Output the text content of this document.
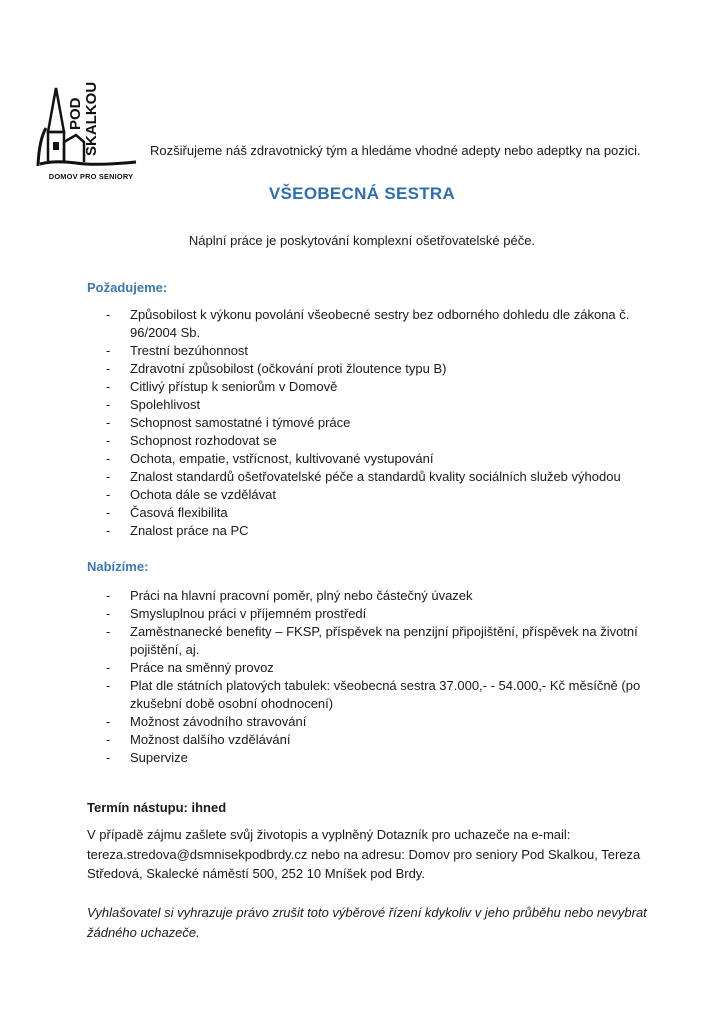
POD SKALKOU
DOMOV PRO SENIORY
Rozšiřujeme náš zdravotnický tým a hledáme vhodné adepty nebo adeptky na pozici.
VŠEOBECNÁ SESTRA
Náplní práce je poskytování komplexní ošetřovatelské péče.
Požadujeme:
- Způsobilost k výkonu povolání všeobecné sestry bez odborného dohledu dle zákona č. 96/2004 Sb.
- Trestní bezúhonnost
- Zdravotní způsobilost (očkování proti žloutence typu B)
- Citlivý přístup k seniorům v Domově
- Spolehlivost
- Schopnost samostatné i týmové práce
- Schopnost rozhodovat se
- Ochota, empatie, vstřícnost, kultivované vystupování
- Znalost standardů ošetřovatelské péče a standardů kvality sociálních služeb výhodou
- Ochota dále se vzdělávat
- Časová flexibilita
- Znalost práce na PC
Nabízíme:
- Práci na hlavní pracovní poměr, plný nebo částečný úvazek
- Smysluplnou práci v příjemném prostředí
- Zaměstnanecké benefity – FKSP, příspěvek na penzijní připojištění, příspěvek na životní pojištění, aj.
- Práce na směnný provoz
- Plat dle státních platových tabulek: všeobecná sestra 37.000,- - 54.000,- Kč měsíčně (po zkušební době osobní ohodnocení)
- Možnost závodního stravování
- Možnost dalšího vzdělávání
- Supervize
Termín nástupu: ihned
V případě zájmu zašlete svůj životopis a vyplněný Dotazník pro uchazeče na e-mail: tereza.stredova@dsmnisekpodbrdy.cz nebo na adresu: Domov pro seniory Pod Skalkou, Tereza Středová, Skalecké náměstí 500, 252 10 Mníšek pod Brdy.
Vyhlašovatel si vyhrazuje právo zrušit toto výběrové řízení kdykoliv v jeho průběhu nebo nevybrat žádného uchazeče.
